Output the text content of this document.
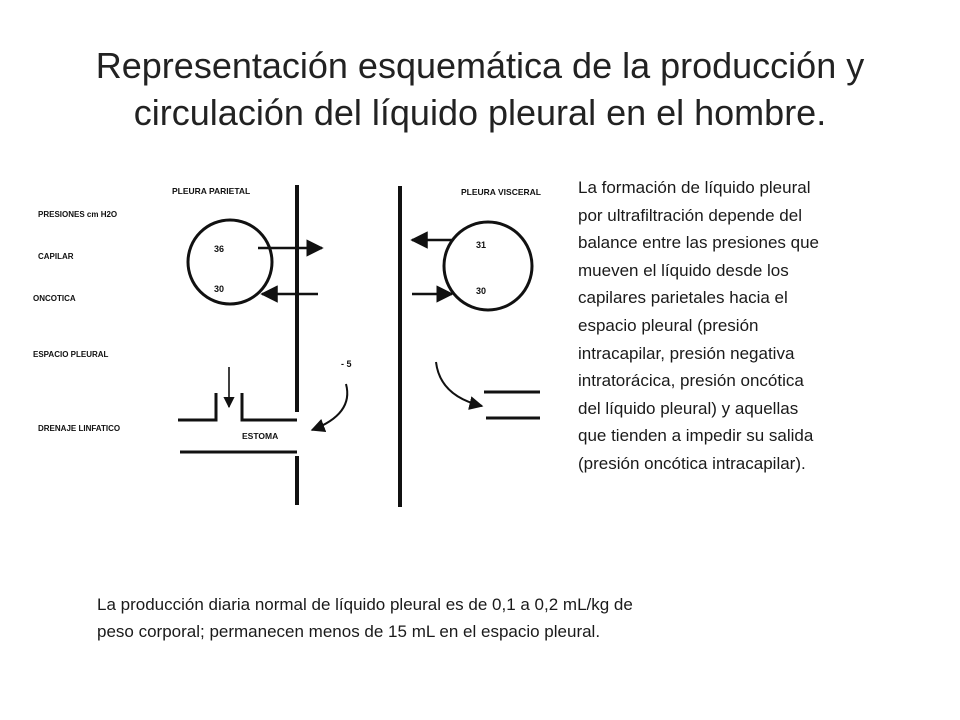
Representación esquemática de la producción y
circulación del líquido pleural en el hombre.
PLEURA PARIETAL	PLEURA VISCERAL
PRESIONES cm H2O
CAPILAR
ONCOTICA
ESPACIO PLEURAL
DRENAJE LINFATICO
ESTOMA
36
30
31
30
- 5
La formación de líquido pleural
por ultrafiltración depende del
balance entre las presiones que
mueven el líquido desde los
capilares parietales hacia el
espacio pleural (presión
intracapilar, presión negativa
intratorácica, presión oncótica
del líquido pleural) y aquellas
que tienden a impedir su salida
(presión oncótica intracapilar).
La producción diaria normal de líquido pleural es de 0,1 a 0,2 mL/kg de
peso corporal; permanecen menos de 15 mL en el espacio pleural.
